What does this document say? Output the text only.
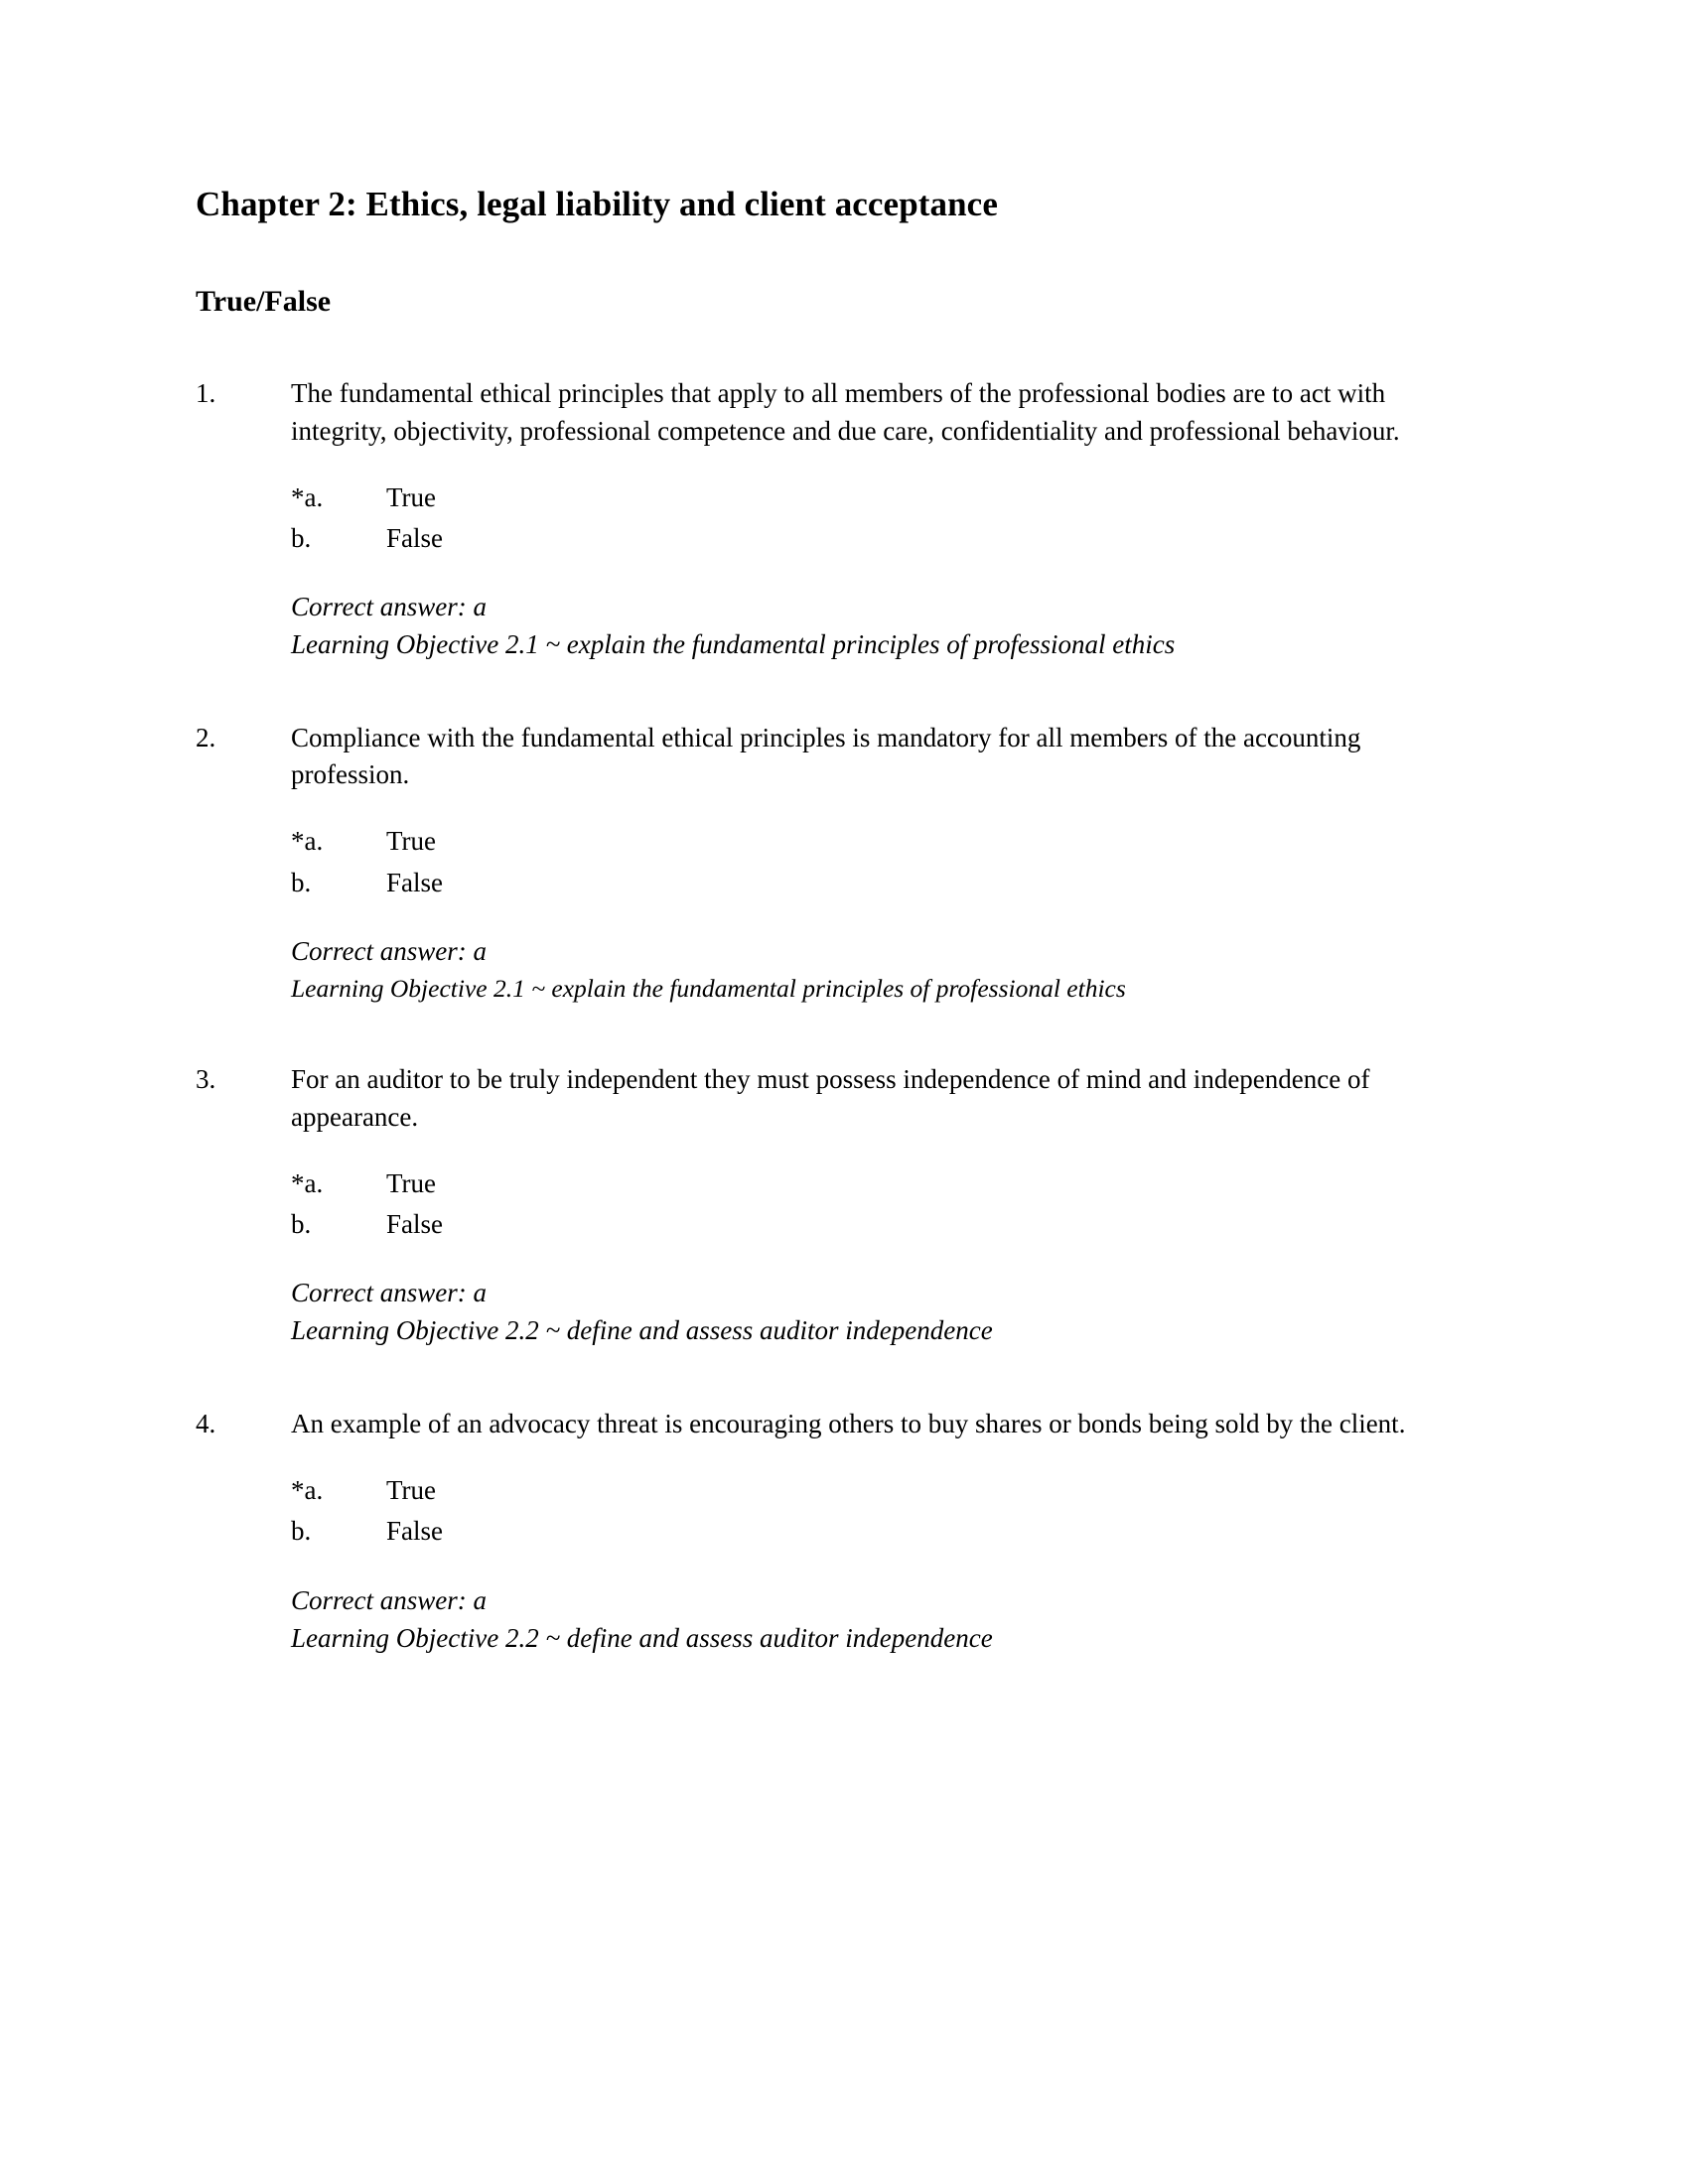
Chapter 2: Ethics, legal liability and client acceptance
True/False
1.	The fundamental ethical principles that apply to all members of the professional bodies are to act with integrity, objectivity, professional competence and due care, confidentiality and professional behaviour.
*a.	True
b.	False
Correct answer: a
Learning Objective 2.1 ~ explain the fundamental principles of professional ethics
2.	Compliance with the fundamental ethical principles is mandatory for all members of the accounting profession.
*a.	True
b.	False
Correct answer: a
Learning Objective 2.1 ~ explain the fundamental principles of professional ethics
3.	For an auditor to be truly independent they must possess independence of mind and independence of appearance.
*a.	True
b.	False
Correct answer: a
Learning Objective 2.2 ~ define and assess auditor independence
4.	An example of an advocacy threat is encouraging others to buy shares or bonds being sold by the client.
*a.	True
b.	False
Correct answer: a
Learning Objective 2.2 ~ define and assess auditor independence
